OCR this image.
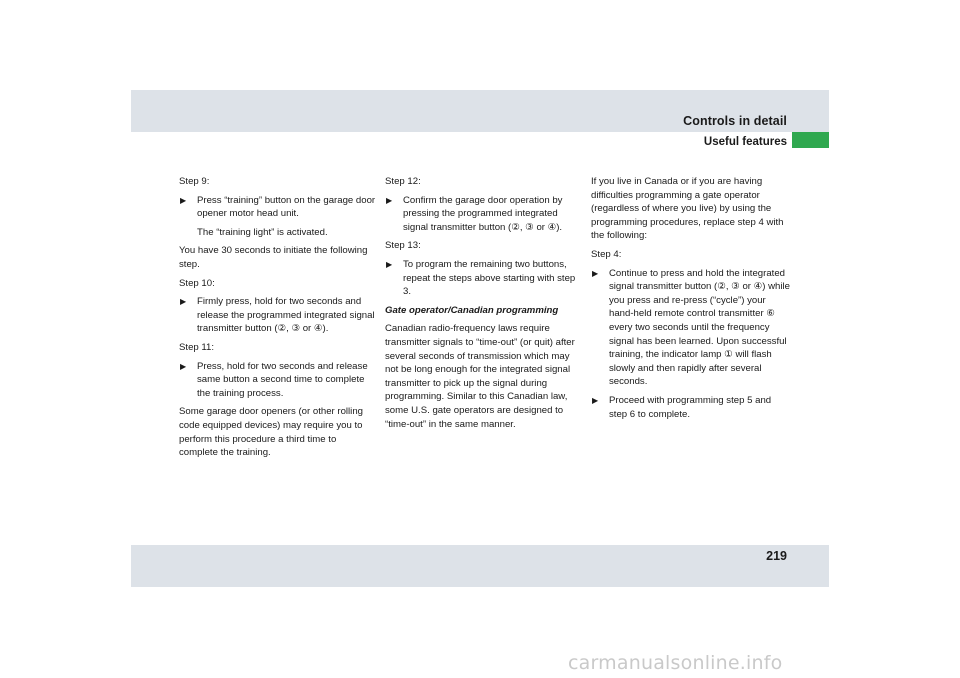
Controls in detail
Useful features
Step 9:
▶ Press “training” button on the garage door opener motor head unit.
The “training light” is activated.

You have 30 seconds to initiate the following step.

Step 10:
▶ Firmly press, hold for two seconds and release the programmed integrated signal transmitter button (②, ③ or ④).
Step 11:
▶ Press, hold for two seconds and release same button a second time to complete the training process.

Some garage door openers (or other rolling code equipped devices) may require you to perform this procedure a third time to complete the training.

Step 12:
▶ Confirm the garage door operation by pressing the programmed integrated signal transmitter button (②, ③ or ④).
Step 13:
▶ To program the remaining two buttons, repeat the steps above starting with step 3.
Gate operator/Canadian programming

Canadian radio-frequency laws require transmitter signals to “time-out” (or quit) after several seconds of transmission which may not be long enough for the integrated signal transmitter to pick up the signal during programming. Similar to this Canadian law, some U.S. gate operators are designed to “time-out” in the same manner.

If you live in Canada or if you are having difficulties programming a gate operator (regardless of where you live) by using the programming procedures, replace step 4 with the following:

Step 4:
▶ Continue to press and hold the integrated signal transmitter button (②, ③ or ④) while you press and re-press (“cycle”) your hand-held remote control transmitter ⑥ every two seconds until the frequency signal has been learned. Upon successful training, the indicator lamp ① will flash slowly and then rapidly after several seconds.
▶ Proceed with programming step 5 and step 6 to complete.
219
carmanualsonline.info
